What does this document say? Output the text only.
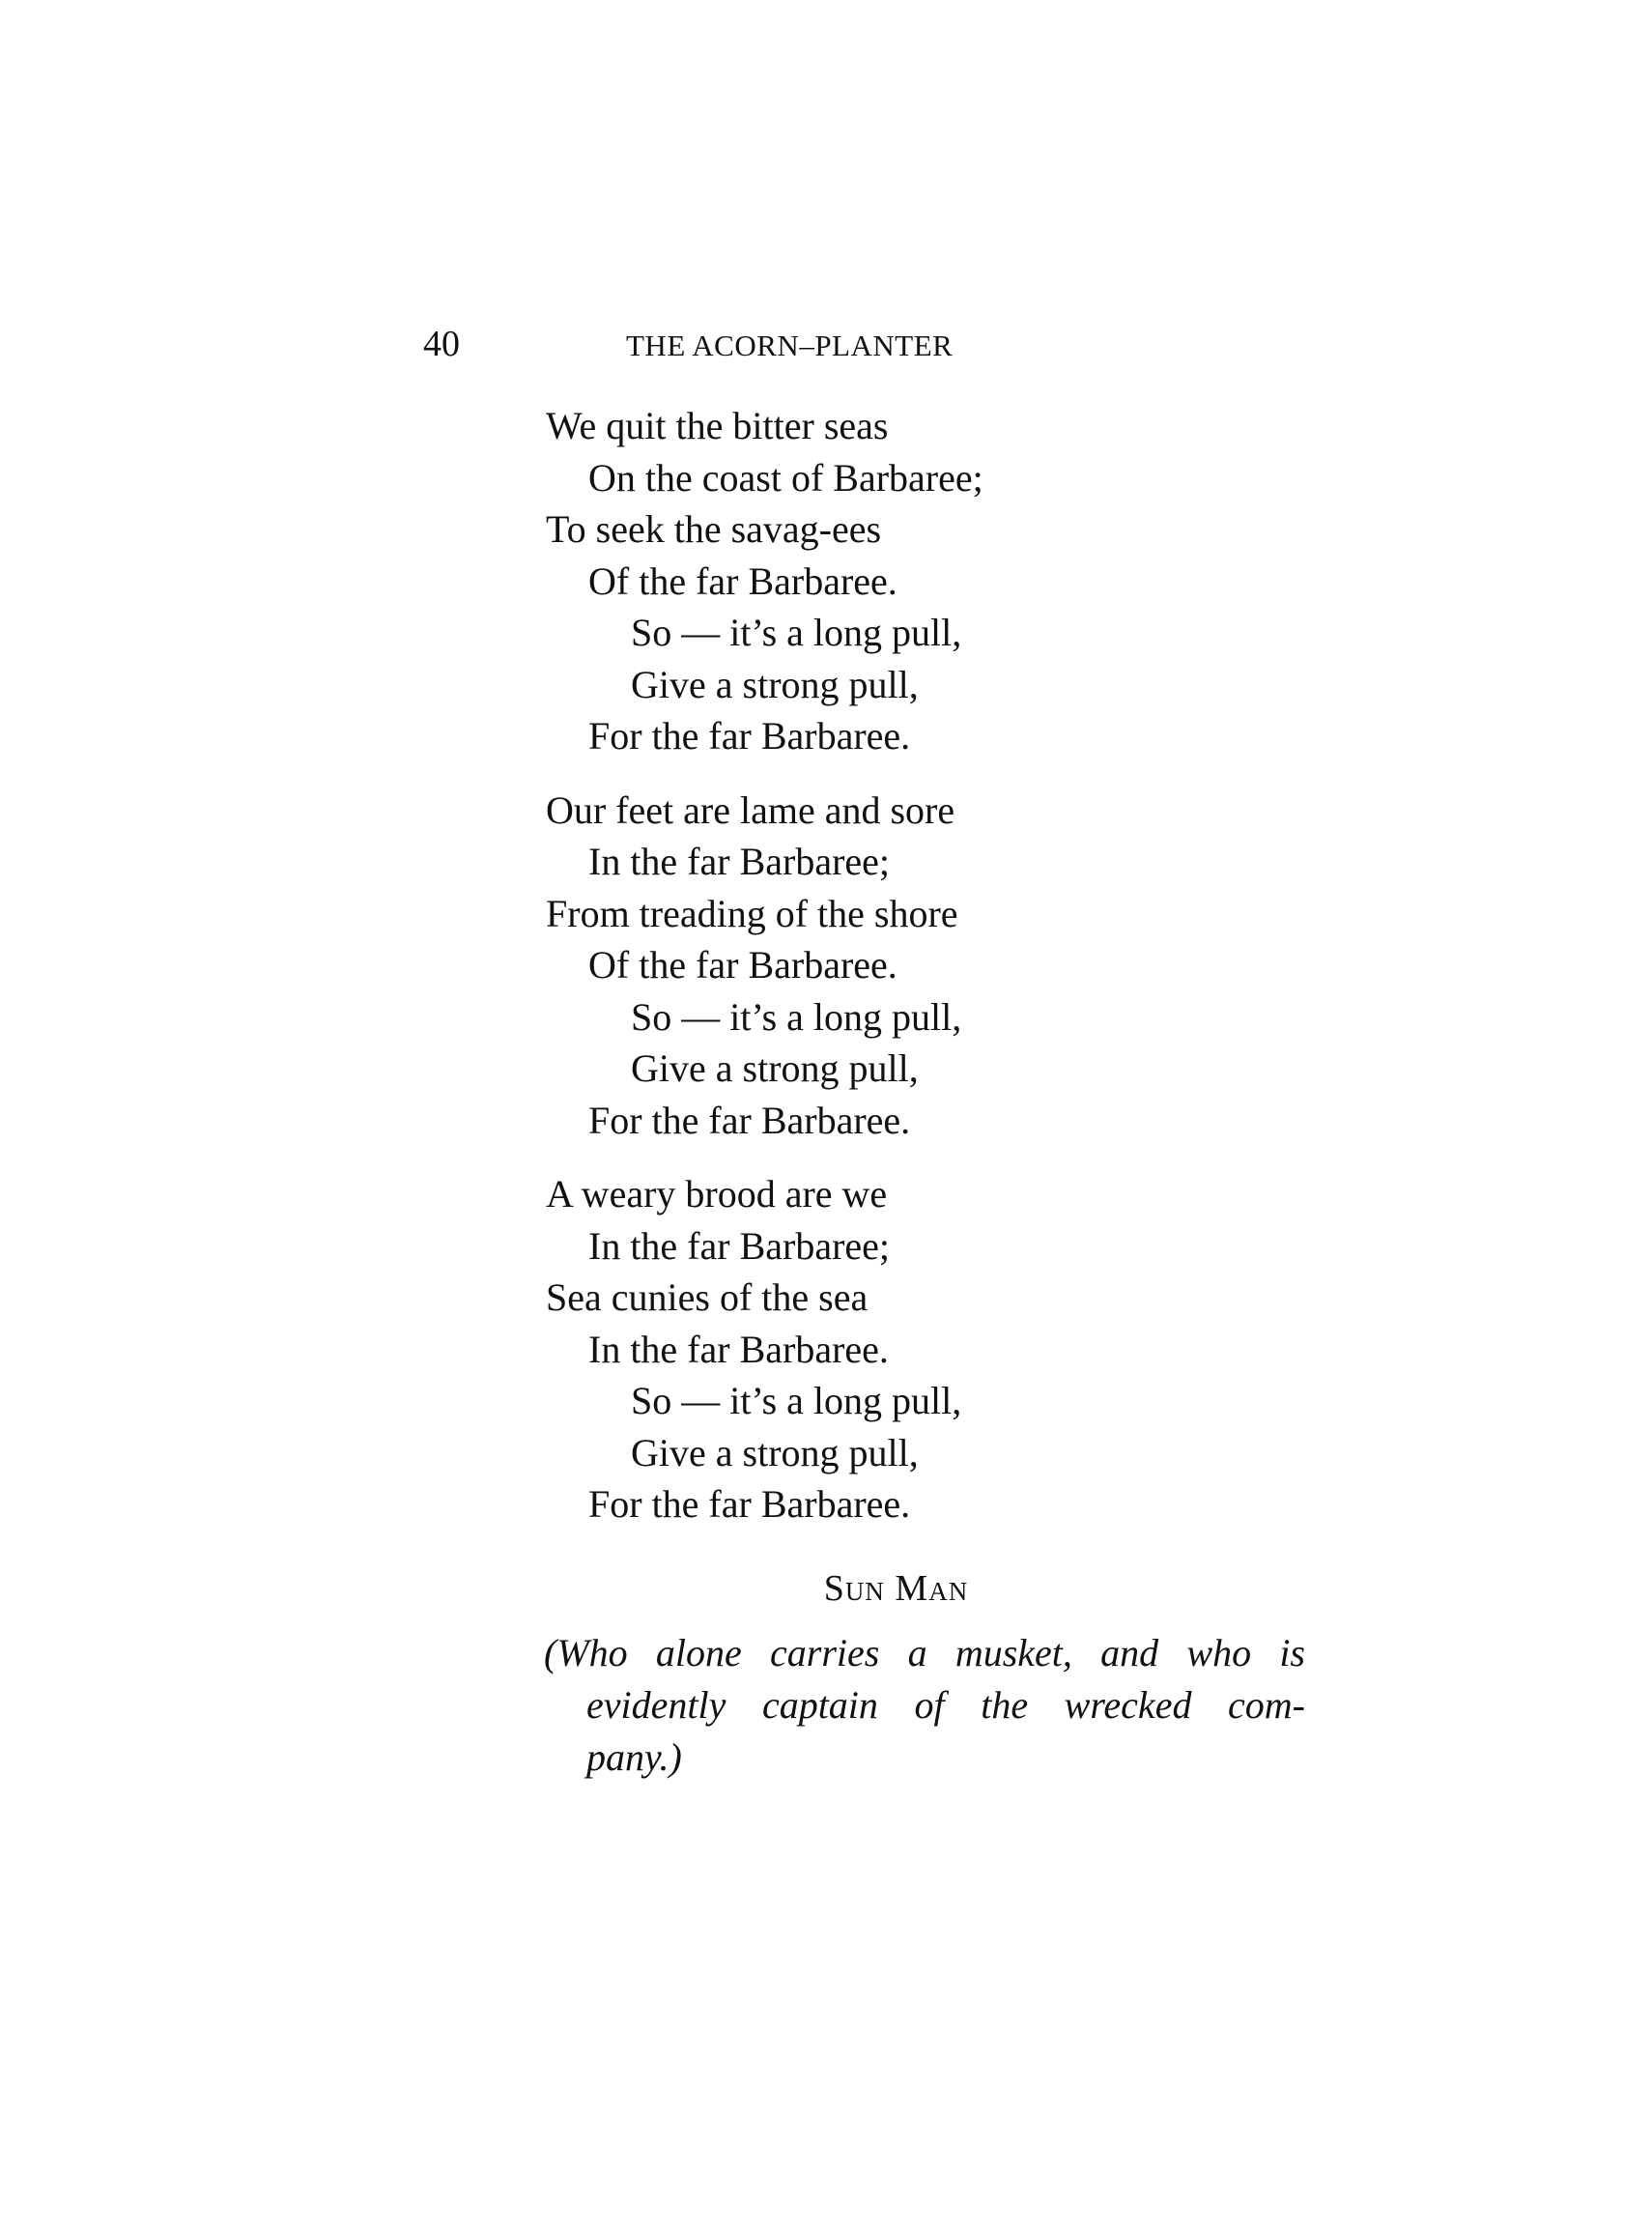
40	THE ACORN–PLANTER
We quit the bitter seas
On the coast of Barbaree;
To seek the savag-ees
Of the far Barbaree.
So — it’s a long pull,
Give a strong pull,
For the far Barbaree.
Our feet are lame and sore
In the far Barbaree;
From treading of the shore
Of the far Barbaree.
So — it’s a long pull,
Give a strong pull,
For the far Barbaree.
A weary brood are we
In the far Barbaree;
Sea cunies of the sea
In the far Barbaree.
So — it’s a long pull,
Give a strong pull,
For the far Barbaree.
Sun Man
(Who alone carries a musket, and who is
evidently captain of the wrecked com-
pany.)
